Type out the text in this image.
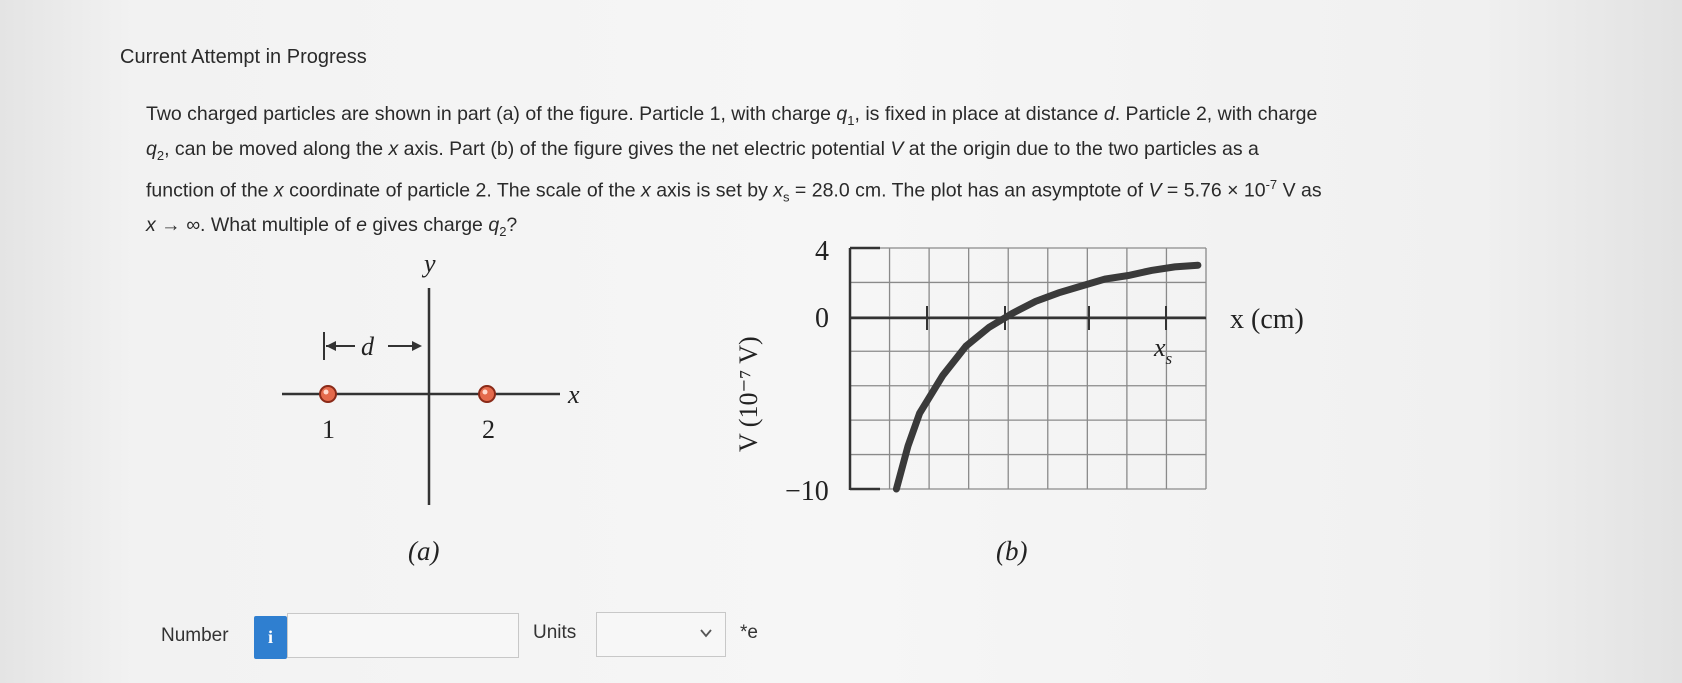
Current Attempt in Progress
Two charged particles are shown in part (a) of the figure. Particle 1, with charge $q_1$, is fixed in place at distance d. Particle 2, with charge
$q_2$, can be moved along the x axis. Part (b) of the figure gives the net electric potential V at the origin due to the two particles as a
function of the x coordinate of particle 2. The scale of the x axis is set by $x_s = 28.0$ cm. The plot has an asymptote of $V = 5.76 \times 10^{-7}$ V as
x → ∞. What multiple of e gives charge $q_2$?
y
x
d
1	2
(a)
4
0
−10
V (10⁻⁷ V)
x (cm)
$x_s$
(b)
Number	i	Units	*e
